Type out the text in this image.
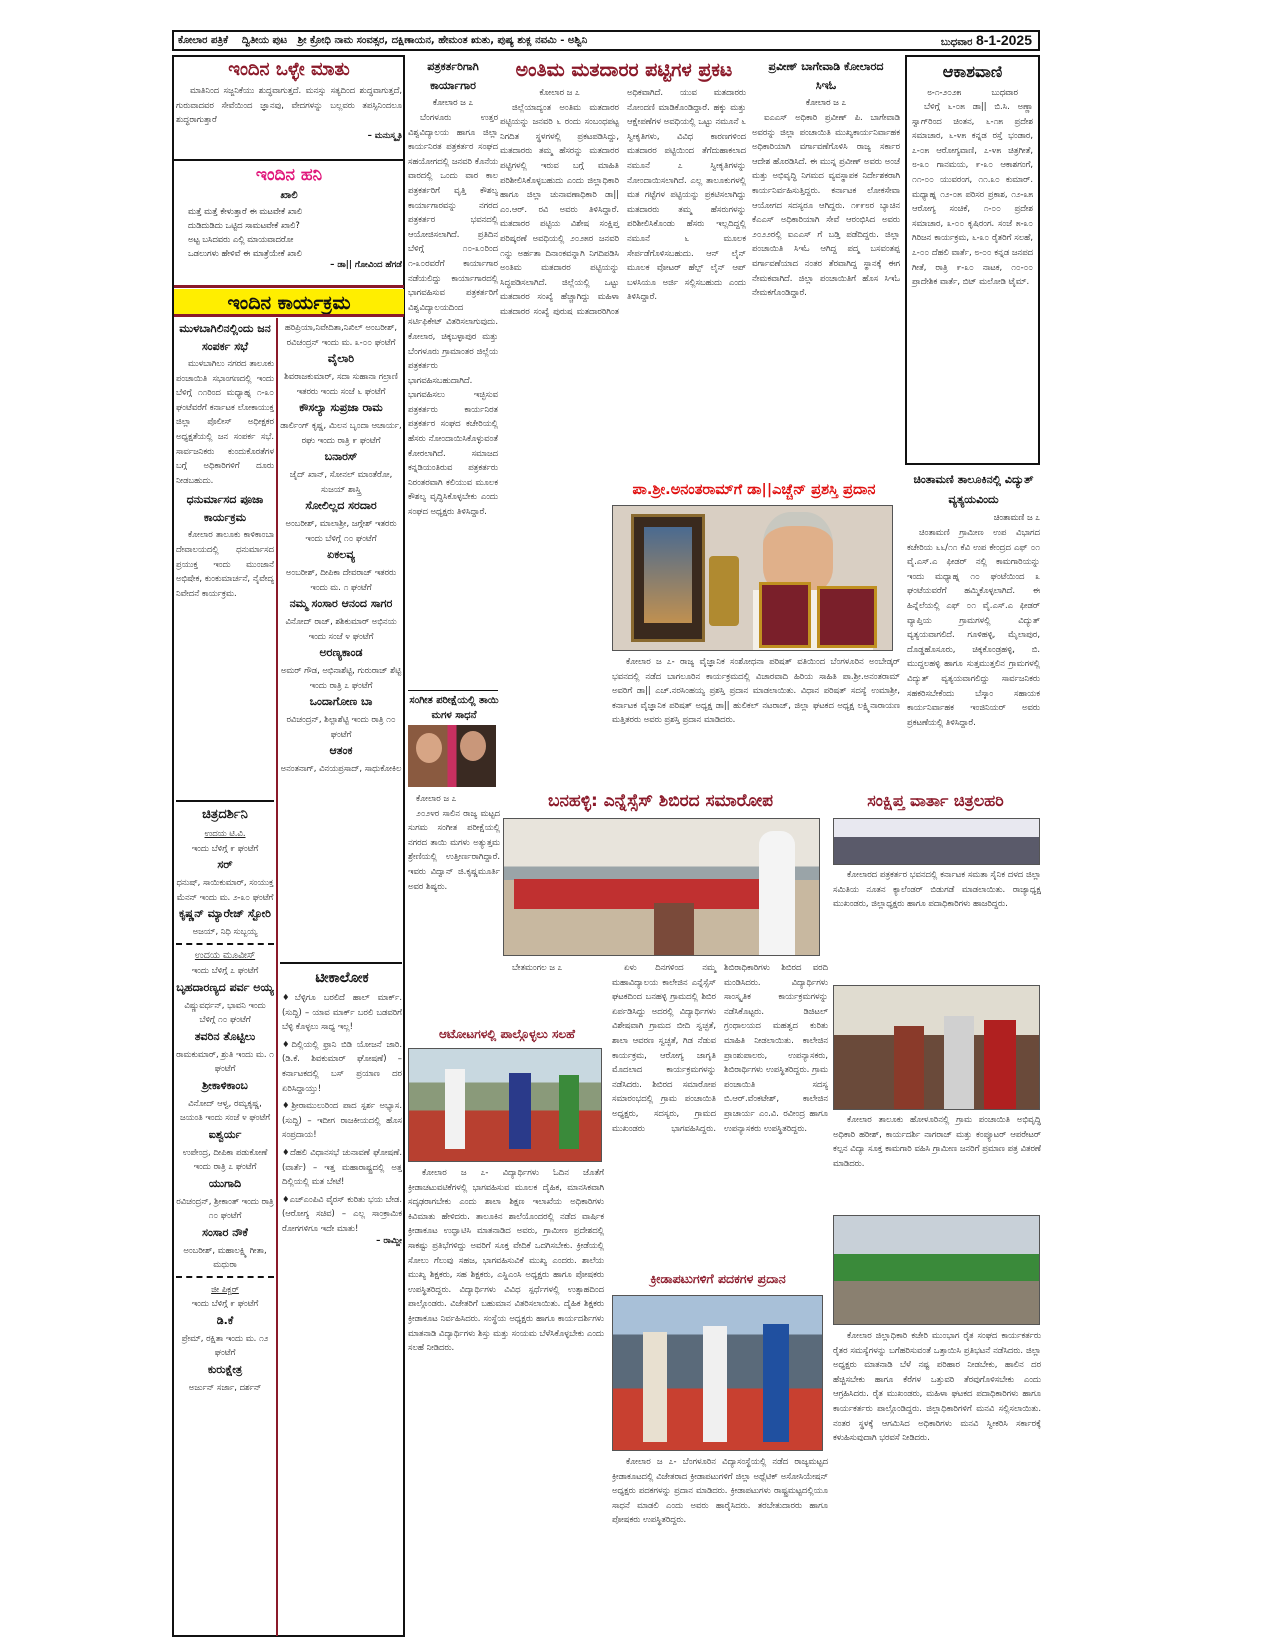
ಕೋಲಾರ ಪತ್ರಿಕೆ ದ್ವಿತೀಯ ಪುಟ ಶ್ರೀ ಕ್ರೋಧಿ ನಾಮ ಸಂವತ್ಸರ, ದಕ್ಷಿಣಾಯನ, ಹೇಮಂತ ಋತು, ಪುಷ್ಯ ಶುಕ್ಲ ನವಮಿ - ಅಶ್ವಿನಿ	ಬುಧವಾರ 8-1-2025
ಇಂದಿನ ಒಳ್ಳೇ ಮಾತು
ಮಾತಿನಿಂದ ಸಜ್ಜನಿಕೆಯು ಶುದ್ಧವಾಗುತ್ತದೆ. ಮನಸ್ಸು ಸತ್ಯದಿಂದ ಶುದ್ಧವಾಗುತ್ತದೆ, ಗುರುವಾದವರ ಸೇವೆಯಿಂದ ಜ್ಞಾನವು, ವೇದಗಳನ್ನು ಬಲ್ಲವರು ತಪಸ್ಸಿನಿಂದಲೂ ಶುದ್ಧರಾಗುತ್ತಾರೆ
– ಮನುಸ್ಮೃತಿ
ಇಂದಿನ ಹನಿ
ಖಾಲಿ
ಮತ್ತೆ ಮತ್ತೆ ಕೇಳುತ್ತಾರೆ ಈ ಮಟವೇಕೆ ಖಾಲಿ
ದುಡಿದುಡಿದು ಒಟ್ಟಿದ ಸಾಮಟವೇಕೆ ಖಾಲಿ?
ಅಟ್ಟ ಬಸಿದವರು ಎಲ್ಲಿ ಮಾಯವಾದರೋ
ಒಡಲುಗಳು ಹೇಳಿವೆ ಈ ಮಾತ್ರೆಯೇಕೆ ಖಾಲಿ
– ಡಾ|| ಗೋವಿಂದ ಹೆಗಡೆ
ಇಂದಿನ ಕಾರ್ಯಕ್ರಮ
ಮುಳಬಾಗಿಲಿನಲ್ಲಿಂದು ಜನ ಸಂಪರ್ಕ ಸಭೆ
ಮುಳಬಾಗಿಲು ನಗರದ ತಾಲೂಕು ಪಂಚಾಯಿತಿ ಸಭಾಂಗಣದಲ್ಲಿ ಇಂದು ಬೆಳಿಗ್ಗೆ ೧೧ರಿಂದ ಮಧ್ಯಾಹ್ನ ೧-೩೦ ಘಂಟೆವರೆಗೆ ಕರ್ನಾಟಕ ಲೋಕಾಯುಕ್ತ ಜಿಲ್ಲಾ ಪೊಲೀಸ್ ಅಧೀಕ್ಷಕರ ಅಧ್ಯಕ್ಷತೆಯಲ್ಲಿ ಜನ ಸಂಪರ್ಕ ಸಭೆ. ಸಾರ್ವಜನಿಕರು ಕುಂದುಕೊರತೆಗಳ ಬಗ್ಗೆ ಅಧಿಕಾರಿಗಳಿಗೆ ದೂರು ನೀಡಬಹುದು.
ಧನುರ್ಮಾಸದ ಪೂಜಾ ಕಾರ್ಯಕ್ರಮ
ಕೋಲಾರ ತಾಲೂಕು ಕಾಳಿಕಾಂಬಾ ದೇವಾಲಯದಲ್ಲಿ ಧನುರ್ಮಾಸದ ಪ್ರಯುಕ್ತ ಇಂದು ಮುಂಜಾನೆ ಅಭಿಷೇಕ, ಕುಂಕುಮಾರ್ಚನೆ, ನೈವೇದ್ಯ ನಿವೇದನೆ ಕಾರ್ಯಕ್ರಮ.
ಚಿತ್ರದರ್ಶಿನಿ
ಉದಯ ಟಿ.ವಿ.
ಇಂದು ಬೆಳಿಗ್ಗೆ ೯ ಘಂಟೆಗೆ
ಸರ್
ಧನುಷ್, ಸಾಯಿಕುಮಾರ್, ಸಂಯುಕ್ತ ಮೆನನ್ ಇಂದು ಮ. ೨-೩೦ ಘಂಟೆಗೆ
ಕೃಷ್ಣನ್ ಮ್ಯಾರೇಜ್ ಸ್ಟೋರಿ
ಅಜಯ್, ನಿಧಿ ಸುಬ್ಬಯ್ಯ
ಉದಯ ಮೂವೀಸ್
ಇಂದು ಬೆಳಿಗ್ಗೆ ೭ ಘಂಟೆಗೆ
ಬೃಹದಾರಣ್ಯದ ಪರ್ವ ಅಯ್ಯ
ವಿಷ್ಣುವರ್ಧನ್, ಭಾವನಿ ಇಂದು ಬೆಳಿಗ್ಗೆ ೧೦ ಘಂಟೆಗೆ
ತವರಿನ ತೊಟ್ಟಿಲು
ರಾಮಕುಮಾರ್, ಶ್ರುತಿ ಇಂದು ಮ. ೧ ಘಂಟೆಗೆ
ಶ್ರೀಕಾಳಿಕಾಂಬ
ವಿನೋದ್ ಆಳ್ವ, ರಮ್ಯಕೃಷ್ಣ, ಜಯಂತಿ ಇಂದು ಸಂಜೆ ೪ ಘಂಟೆಗೆ
ಐಶ್ವರ್ಯ
ಉಪೇಂದ್ರ, ದೀಪಿಕಾ ಪಡುಕೋಣೆ ಇಂದು ರಾತ್ರಿ ೭ ಘಂಟೆಗೆ
ಯುಗಾದಿ
ರವಿಚಂದ್ರನ್, ಶ್ರೀಕಾಂತ್ ಇಂದು ರಾತ್ರಿ ೧೦ ಘಂಟೆಗೆ
ಸಂಸಾರ ನೌಕೆ
ಅಂಬರೀಶ್, ಮಹಾಲಕ್ಷ್ಮಿ ಗೀತಾ, ಮಧುರಾ
ಜೀ ಪಿಕ್ಚರ್
ಇಂದು ಬೆಳಿಗ್ಗೆ ೯ ಘಂಟೆಗೆ
ಡಿ.ಕೆ
ಪ್ರೇಮ್, ರಕ್ಷಿತಾ ಇಂದು ಮ. ೧೨ ಘಂಟೆಗೆ
ಕುರುಕ್ಷೇತ್ರ
ಅರ್ಜುನ್ ಸರ್ಜಾ, ದರ್ಶನ್
ಹರಿಪ್ರಿಯಾ,ನಿವೇದಿತಾ,ನಿಖಿಲ್ ಅಂಬರೀಶ್, ರವಿಚಂದ್ರನ್ ಇಂದು ಮ. ೩-೦೦ ಘಂಟೆಗೆ
ವೈಲಾರಿ
ಶಿವರಾಜಕುಮಾರ್, ಸದಾ ಸುಹಾನಾ ಗಲ್ರಾಣಿ ಇತರರು ಇಂದು ಸಂಜೆ ೬ ಘಂಟೆಗೆ
ಕೌಸಲ್ಯಾ ಸುಪ್ರಜಾ ರಾಮ
ಡಾರ್ಲಿಂಗ್ ಕೃಷ್ಣ, ಮಿಲನ ಬೃಂದಾ ಆಚಾರ್ಯ, ರಘು ಇಂದು ರಾತ್ರಿ ೯ ಘಂಟೆಗೆ
ಬನಾರಸ್
ಜೈದ್ ಖಾನ್, ಸೋನಲ್ ಮಾಂತೆರೋ, ಸುಜಯ್ ಶಾಸ್ತ್ರಿ
ಸೋಲಿಲ್ಲದ ಸರದಾರ
ಅಂಬರೀಶ್, ಮಾಲಾಶ್ರೀ, ಜಗ್ಗೇಶ್ ಇತರರು ಇಂದು ಬೆಳಿಗ್ಗೆ ೧೦ ಘಂಟೆಗೆ
ಏಕಲವ್ಯ
ಅಂಬರೀಶ್, ದೀಪಿಕಾ ದೇವರಾಜ್ ಇತರರು ಇಂದು ಮ. ೧ ಘಂಟೆಗೆ
ನಮ್ಮ ಸಂಸಾರ ಆನಂದ ಸಾಗರ
ವಿನೋದ್ ರಾಜ್, ಶಶಿಕುಮಾರ್ ಅಭಿನಯ ಇಂದು ಸಂಜೆ ೪ ಘಂಟೆಗೆ
ಅರಣ್ಯಕಾಂಡ
ಅಮರ್ ಗೌಡ, ಅಭಿನಾಶೆಟ್ಟಿ, ಗುರುರಾಜ್ ಶೆಟ್ಟಿ ಇಂದು ರಾತ್ರಿ ೭ ಘಂಟೆಗೆ
ಒಂದಾಗೋಣ ಬಾ
ರವಿಚಂದ್ರನ್, ಶಿಲ್ಪಾಶೆಟ್ಟಿ ಇಂದು ರಾತ್ರಿ ೧೦ ಘಂಟೆಗೆ
ಆತಂಕ
ಅನಂತನಾಗ್, ವಿನಯಪ್ರಸಾದ್, ಸಾಧುಕೋಕಿಲ
ಟೀಕಾಲೋಕ
♦ಬೆಳ್ಳಿಗೂ ಬರಲಿದೆ ಹಾಲ್ ಮಾರ್ಕ್. (ಸುದ್ದಿ) – ಯಾವ ಮಾರ್ಕ್ ಬರಲಿ ಬಡವರಿಗೆ ಬೆಳ್ಳಿ ಕೊಳ್ಳಲು ಸಾಧ್ಯ ಇಲ್ಲ!
♦ದಿಲ್ಲಿಯಲ್ಲಿ ಫ್ರಾನಿ ಬಿಡಿ ಯೋಜನೆ ಜಾರಿ. (ಡಿ.ಕೆ. ಶಿವಕುಮಾರ್ ಘೋಷಣೆ) – ಕರ್ನಾಟಕದಲ್ಲಿ ಬಸ್ ಪ್ರಯಾಣ ದರ ಏರಿಸಿದ್ದಾಯ್ತು!
♦ಶ್ರೀರಾಮುಲುರಿಂದ ಪಾದ ಸ್ಪರ್ಶ ಅಭ್ಯಾಸ. (ಸುದ್ದಿ) – ಇದೀಗ ರಾಜಕೀಯದಲ್ಲಿ ಹೊಸ ಸಂಪ್ರದಾಯ!
♦ದೆಹಲಿ ವಿಧಾನಸಭೆ ಚುನಾವಣೆ ಘೋಷಣೆ. (ವಾರ್ತೆ) – ಇತ್ತ ಮಹಾರಾಷ್ಟ್ರದಲ್ಲಿ ಅತ್ತ ದಿಲ್ಲಿಯಲ್ಲಿ ಮತ ಬೇಟೆ!
♦ಎಚ್ಎಂಪಿವಿ ವೈರಸ್ ಕುರಿತು ಭಯ ಬೇಡ. (ಆರೋಗ್ಯ ಸಚಿವ) – ಎಲ್ಲ ಸಾಂಕ್ರಾಮಿಕ ರೋಗಗಳಿಗೂ ಇದೇ ಮಾತು!
– ರಾಮ್ಜೀ
ಪತ್ರಕರ್ತರಿಗಾಗಿ ಕಾರ್ಯಾಗಾರ
ಕೋಲಾರ ಜ ೭
ಬೆಂಗಳೂರು ಉತ್ತರ ವಿಶ್ವವಿದ್ಯಾಲಯ ಹಾಗೂ ಜಿಲ್ಲಾ ಕಾರ್ಯನಿರತ ಪತ್ರಕರ್ತರ ಸಂಘದ ಸಹಯೋಗದಲ್ಲಿ ಜನವರಿ ಕೊನೆಯ ವಾರದಲ್ಲಿ ಒಂದು ವಾರ ಕಾಲ ಪತ್ರಕರ್ತರಿಗೆ ವೃತ್ತಿ ಕೌಶಲ್ಯ ಕಾರ್ಯಾಗಾರವನ್ನು ನಗರದ ಪತ್ರಕರ್ತರ ಭವನದಲ್ಲಿ ಆಯೋಜಿಸಲಾಗಿದೆ. ಪ್ರತಿದಿನ ಬೆಳಿಗ್ಗೆ ೧೦-೩೦ರಿಂದ ೧-೩೦ರವರೆಗೆ ಕಾರ್ಯಾಗಾರ ನಡೆಯಲಿದ್ದು ಕಾರ್ಯಾಗಾರದಲ್ಲಿ ಭಾಗವಹಿಸುವ ಪತ್ರಕರ್ತರಿಗೆ ವಿಶ್ವವಿದ್ಯಾಲಯದಿಂದ ಸರ್ಟಿಫಿಕೇಟ್ ವಿತರಿಸಲಾಗುವುದು. ಕೋಲಾರ, ಚಿಕ್ಕಬಳ್ಳಾಪುರ ಮತ್ತು ಬೆಂಗಳೂರು ಗ್ರಾಮಾಂತರ ಜಿಲ್ಲೆಯ ಪತ್ರಕರ್ತರು ಭಾಗವಹಿಸಬಹುದಾಗಿದೆ. ಭಾಗವಹಿಸಲು ಇಚ್ಛಿಸುವ ಪತ್ರಕರ್ತರು ಕಾರ್ಯನಿರತ ಪತ್ರಕರ್ತರ ಸಂಘದ ಕಚೇರಿಯಲ್ಲಿ ಹೆಸರು ನೋಂದಾಯಿಸಿಕೊಳ್ಳುವಂತೆ ಕೋರಲಾಗಿದೆ. ಸಮಾಜದ ಕನ್ನಡಿಯಂತಿರುವ ಪತ್ರಕರ್ತರು ನಿರಂತರವಾಗಿ ಕಲಿಯುವ ಮೂಲಕ ಕೌಶಲ್ಯ ವೃದ್ಧಿಸಿಕೊಳ್ಳಬೇಕು ಎಂದು ಸಂಘದ ಅಧ್ಯಕ್ಷರು ತಿಳಿಸಿದ್ದಾರೆ.
ಸಂಗೀತ ಪರೀಕ್ಷೆಯಲ್ಲಿ ತಾಯಿ ಮಗಳ ಸಾಧನೆ
ಕೋಲಾರ ಜ ೭
೨೦೨೪ರ ಸಾಲಿನ ರಾಜ್ಯ ಮಟ್ಟದ ಸುಗಮ ಸಂಗೀತ ಪರೀಕ್ಷೆಯಲ್ಲಿ ನಗರದ ತಾಯಿ ಮಗಳು ಅತ್ಯುತ್ತಮ ಶ್ರೇಣಿಯಲ್ಲಿ ಉತ್ತೀರ್ಣರಾಗಿದ್ದಾರೆ. ಇವರು ವಿದ್ವಾನ್ ಜಿ.ಕೃಷ್ಣಮೂರ್ತಿ ಅವರ ಶಿಷ್ಯರು.
ಅಂತಿಮ ಮತದಾರರ ಪಟ್ಟಿಗಳ ಪ್ರಕಟ
ಕೋಲಾರ ಜ ೭

ಜಿಲ್ಲೆಯಾದ್ಯಂತ ಅಂತಿಮ ಮತದಾರರ ಪಟ್ಟಿಯನ್ನು ಜನವರಿ ೬ ರಂದು ಸಂಬಂಧಪಟ್ಟ ನಿಗದಿತ ಸ್ಥಳಗಳಲ್ಲಿ ಪ್ರಕಟಪಡಿಸಿದ್ದು, ಮತದಾರರು ತಮ್ಮ ಹೆಸರನ್ನು ಮತದಾರರ ಪಟ್ಟಿಗಳಲ್ಲಿ ಇರುವ ಬಗ್ಗೆ ಮಾಹಿತಿ ಪರಿಶೀಲಿಸಿಕೊಳ್ಳಬಹುದು ಎಂದು ಜಿಲ್ಲಾಧಿಕಾರಿ ಹಾಗೂ ಜಿಲ್ಲಾ ಚುನಾವಣಾಧಿಕಾರಿ ಡಾ|| ಎಂ.ಆರ್. ರವಿ ಅವರು ತಿಳಿಸಿದ್ದಾರೆ. ಮತದಾರರ ಪಟ್ಟಿಯ ವಿಶೇಷ ಸಂಕ್ಷಿಪ್ತ ಪರಿಷ್ಕರಣೆ ಅವಧಿಯಲ್ಲಿ ೨೦೨೫ರ ಜನವರಿ ೧ನ್ನು ಅರ್ಹತಾ ದಿನಾಂಕವನ್ನಾಗಿ ನಿಗದಿಪಡಿಸಿ ಅಂತಿಮ ಮತದಾರರ ಪಟ್ಟಿಯನ್ನು ಸಿದ್ಧಪಡಿಸಲಾಗಿದೆ. ಜಿಲ್ಲೆಯಲ್ಲಿ ಒಟ್ಟು ಮತದಾರರ ಸಂಖ್ಯೆ ಹೆಚ್ಚಾಗಿದ್ದು ಮಹಿಳಾ ಮತದಾರರ ಸಂಖ್ಯೆ ಪುರುಷ ಮತದಾರರಿಗಿಂತ ಅಧಿಕವಾಗಿದೆ. ಯುವ ಮತದಾರರು ನೋಂದಣಿ ಮಾಡಿಕೊಂಡಿದ್ದಾರೆ. ಹಕ್ಕು ಮತ್ತು ಆಕ್ಷೇಪಣೆಗಳ ಅವಧಿಯಲ್ಲಿ ಒಟ್ಟು ನಮೂನೆ ೬ ಸ್ವೀಕೃತಿಗಳು, ವಿವಿಧ ಕಾರಣಗಳಿಂದ ಮತದಾರರ ಪಟ್ಟಿಯಿಂದ ತೆಗೆದುಹಾಕಲಾದ ನಮೂನೆ ೭ ಸ್ವೀಕೃತಿಗಳನ್ನು ನೋಂದಾಯಿಸಲಾಗಿದೆ. ಎಲ್ಲ ತಾಲೂಕುಗಳಲ್ಲಿ ಮತ ಗಟ್ಟೆಗಳ ಪಟ್ಟಿಯನ್ನು ಪ್ರಕಟಿಸಲಾಗಿದ್ದು ಮತದಾರರು ತಮ್ಮ ಹೆಸರುಗಳನ್ನು ಪರಿಶೀಲಿಸಿಕೊಂಡು ಹೆಸರು ಇಲ್ಲದಿದ್ದಲ್ಲಿ ನಮೂನೆ ೬ ಮೂಲಕ ಸೇರ್ಪಡೆಗೊಳಿಸಬಹುದು. ಆನ್ ಲೈನ್ ಮೂಲಕ ವೋಟರ್ ಹೆಲ್ಪ್ ಲೈನ್ ಆಪ್ ಬಳಸಿಯೂ ಅರ್ಜಿ ಸಲ್ಲಿಸಬಹುದು ಎಂದು ತಿಳಿಸಿದ್ದಾರೆ.

ಪ್ರವೀಣ್ ಬಾಗೇವಾಡಿ ಕೋಲಾರದ ಸಿಇಓ
ಕೋಲಾರ ಜ ೭
ಐಎಎಸ್ ಅಧಿಕಾರಿ ಪ್ರವೀಣ್ ಪಿ. ಬಾಗೇವಾಡಿ ಅವರನ್ನು ಜಿಲ್ಲಾ ಪಂಚಾಯಿತಿ ಮುಖ್ಯಕಾರ್ಯನಿರ್ವಾಹಕ ಅಧಿಕಾರಿಯಾಗಿ ವರ್ಗಾವಣೆಗೊಳಿಸಿ ರಾಜ್ಯ ಸರ್ಕಾರ ಆದೇಶ ಹೊರಡಿಸಿದೆ. ಈ ಮುನ್ನ ಪ್ರವೀಣ್ ಅವರು ಅಂಚೆ ಮತ್ತು ಅಭಿವೃದ್ಧಿ ನಿಗಮದ ವ್ಯವಸ್ಥಾಪಕ ನಿರ್ದೇಶಕರಾಗಿ ಕಾರ್ಯನಿರ್ವಹಿಸುತ್ತಿದ್ದರು. ಕರ್ನಾಟಕ ಲೋಕಸೇವಾ ಆಯೋಗದ ಸದಸ್ಯರೂ ಆಗಿದ್ದರು. ೧೯೯೮ರ ಬ್ಯಾಚಿನ ಕೆಎಎಸ್ ಅಧಿಕಾರಿಯಾಗಿ ಸೇವೆ ಆರಂಭಿಸಿದ ಅವರು ೨೦೨೨ರಲ್ಲಿ ಐಎಎಸ್ ಗೆ ಬಡ್ತಿ ಪಡೆದಿದ್ದರು. ಜಿಲ್ಲಾ ಪಂಚಾಯಿತಿ ಸಿಇಓ ಆಗಿದ್ದ ಪದ್ಮ ಬಸವಂತಪ್ಪ ವರ್ಗಾವಣೆಯಾದ ನಂತರ ತೆರವಾಗಿದ್ದ ಸ್ಥಾನಕ್ಕೆ ಈಗ ನೇಮಕವಾಗಿದೆ. ಜಿಲ್ಲಾ ಪಂಚಾಯಿತಿಗೆ ಹೊಸ ಸಿಇಓ ನೇಮಕಗೊಂಡಿದ್ದಾರೆ.
ಆಕಾಶವಾಣಿ
೮-೧-೨೦೨೫	ಬುಧವಾರ
ಬೆಳಿಗ್ಗೆ ೬-೦೫ ಡಾ|| ಬಿ.ಸಿ. ಅಣ್ಣಾ ಸ್ವಾಗ್‌ರಿಂದ ಚಿಂತನ, ೬-೧೫ ಪ್ರದೇಶ ಸಮಾಚಾರ, ೬-೪೫ ಕನ್ನಡ ರಸ್ತೆ ಭಂಡಾರ, ೭-೦೫ ಆರೋಗ್ಯವಾಣಿ, ೭-೪೫ ಚಿತ್ರಗೀತೆ, ೮-೩೦ ಗಾನಮಯ, ೯-೩೦ ಆಕಾಶಗಂಗೆ, ೧೧-೦೦ ಯುವರಂಗ, ೧೧.೩೦ ಕುಮಾರ್. ಮಧ್ಯಾಹ್ನ ೧೨-೦೫ ಪರಿಸರ ಪ್ರಕಾಶ, ೧೨-೩೫ ಆರೋಗ್ಯ ಸಂಚಿಕೆ, ೧-೦೦ ಪ್ರದೇಶ ಸಮಾಚಾರ, ೩-೦೦ ಕೃಷಿರಂಗ. ಸಂಜೆ ೫-೩೦ ಗಿರಿಜನ ಕಾರ್ಯಕ್ರಮ, ೬-೩೦ ರೈತರಿಗೆ ಸಲಹೆ, ೭-೦೦ ದೆಹಲಿ ವಾರ್ತೆ, ೮-೦೦ ಕನ್ನಡ ಜನಪದ ಗೀತೆ, ರಾತ್ರಿ ೯-೩೦ ನಾಟಕ, ೧೦-೦೦ ಪ್ರಾದೇಶಿಕ ವಾರ್ತೆ, ಬಿಟ್ ಮಲೋಡಿ ಟೈಮ್.
ಚಿಂತಾಮಣಿ ತಾಲೂಕಿನಲ್ಲಿ ವಿದ್ಯುತ್ ವ್ಯತ್ಯಯವಿಂದು
ಚಿಂತಾಮಣಿ ಜ ೭
ಚಿಂತಾಮಣಿ ಗ್ರಾಮೀಣ ಉಪ ವಿಭಾಗದ ಕಚೇರಿಯ ೬೬/೧೧ ಕೆವಿ ಉಪ ಕೇಂದ್ರದ ಎಫ್ ೦೧ ವೈ.ಎಸ್.ಎ ಫೀಡರ್ ನಲ್ಲಿ ಕಾಮಗಾರಿಯನ್ನು ಇಂದು ಮಧ್ಯಾಹ್ನ ೧೦ ಘಂಟೆಯಿಂದ ೩ ಘಂಟೆಯವರೆಗೆ ಹಮ್ಮಿಕೊಳ್ಳಲಾಗಿದೆ. ಈ ಹಿನ್ನೆಲೆಯಲ್ಲಿ ಎಫ್ ೦೧ ವೈ.ಎಸ್.ಎ ಫೀಡರ್ ವ್ಯಾಪ್ತಿಯ ಗ್ರಾಮಗಳಲ್ಲಿ ವಿದ್ಯುತ್ ವ್ಯತ್ಯಯವಾಗಲಿದೆ. ಗೂಳಿಹಳ್ಳಿ, ಮೈಲಾಪುರ, ದೊಡ್ಡಹೊಸೂರು, ಚಿಕ್ಕಕೊಂಡ್ರಹಳ್ಳಿ, ಬಿ. ಮುದ್ದಲಹಳ್ಳಿ ಹಾಗೂ ಸುತ್ತಮುತ್ತಲಿನ ಗ್ರಾಮಗಳಲ್ಲಿ ವಿದ್ಯುತ್ ವ್ಯತ್ಯಯವಾಗಲಿದ್ದು ಸಾರ್ವಜನಿಕರು ಸಹಕರಿಸಬೇಕೆಂದು ಬೆಸ್ಕಾಂ ಸಹಾಯಕ ಕಾರ್ಯನಿರ್ವಾಹಕ ಇಂಜಿನಿಯರ್ ಅವರು ಪ್ರಕಟಣೆಯಲ್ಲಿ ತಿಳಿಸಿದ್ದಾರೆ.
ಪಾ.ಶ್ರೀ.ಅನಂತರಾಮ್‌ಗೆ ಡಾ||ಎಚ್ಚೆನ್ ಪ್ರಶಸ್ತಿ ಪ್ರದಾನ
ಕೋಲಾರ ಜ ೭- ರಾಜ್ಯ ವೈಜ್ಞಾನಿಕ ಸಂಶೋಧನಾ ಪರಿಷತ್ ವತಿಯಿಂದ ಬೆಂಗಳೂರಿನ ಅಂಬೇಡ್ಕರ್ ಭವನದಲ್ಲಿ ನಡೆದ ಬಾಗಲೂರಿನ ಕಾರ್ಯಕ್ರಮದಲ್ಲಿ ವಿಚಾರವಾದಿ ಹಿರಿಯ ಸಾಹಿತಿ ಪಾ.ಶ್ರೀ.ಅನಂತರಾಮ್ ಅವರಿಗೆ ಡಾ|| ಎಚ್.ನರಸಿಂಹಯ್ಯ ಪ್ರಶಸ್ತಿ ಪ್ರದಾನ ಮಾಡಲಾಯಿತು. ವಿಧಾನ ಪರಿಷತ್ ಸದಸ್ಯೆ ಉಮಾಶ್ರೀ, ಕರ್ನಾಟಕ ವೈಜ್ಞಾನಿಕ ಪರಿಷತ್ ಅಧ್ಯಕ್ಷ ಡಾ|| ಹುಲಿಕಲ್ ನಟರಾಜ್, ಜಿಲ್ಲಾ ಘಟಕದ ಅಧ್ಯಕ್ಷ ಲಕ್ಷ್ಮಿನಾರಾಯಣ ಮತ್ತಿತರರು ಅವರು ಪ್ರಶಸ್ತಿ ಪ್ರದಾನ ಮಾಡಿದರು.
ಬನಹಳ್ಳಿ: ಎನ್ನೆಸ್ಸೆಸ್ ಶಿಬಿರದ ಸಮಾರೋಪ
ಬೇತಮಂಗಲ ಜ ೭	ಏಳು ದಿನಗಳಿಂದ ನಮ್ಮ ಮಹಾವಿದ್ಯಾಲಯ ಕಾಲೇಜಿನ ಎನ್ನೆಸ್ಸೆಸ್ ಘಟಕದಿಂದ ಬನಹಳ್ಳಿ ಗ್ರಾಮದಲ್ಲಿ ಶಿಬಿರ ಏರ್ಪಡಿಸಿದ್ದು ಅದರಲ್ಲಿ ವಿದ್ಯಾರ್ಥಿಗಳು ವಿಶೇಷವಾಗಿ ಗ್ರಾಮದ ಬೀದಿ ಸ್ವಚ್ಛತೆ, ಶಾಲಾ ಆವರಣ ಸ್ವಚ್ಛತೆ, ಗಿಡ ನೆಡುವ ಕಾರ್ಯಕ್ರಮ, ಆರೋಗ್ಯ ಜಾಗೃತಿ ಮೊದಲಾದ ಕಾರ್ಯಕ್ರಮಗಳನ್ನು ನಡೆಸಿದರು. ಶಿಬಿರದ ಸಮಾರೋಪ ಸಮಾರಂಭದಲ್ಲಿ ಗ್ರಾಮ ಪಂಚಾಯಿತಿ ಅಧ್ಯಕ್ಷರು, ಸದಸ್ಯರು, ಗ್ರಾಮದ ಮುಖಂಡರು ಭಾಗವಹಿಸಿದ್ದರು. ಶಿಬಿರಾಧಿಕಾರಿಗಳು ಶಿಬಿರದ ವರದಿ ಮಂಡಿಸಿದರು. ವಿದ್ಯಾರ್ಥಿಗಳು ಸಾಂಸ್ಕೃತಿಕ ಕಾರ್ಯಕ್ರಮಗಳನ್ನು ನಡೆಸಿಕೊಟ್ಟರು. ಡಿಜಿಟಲ್ ಗ್ರಂಥಾಲಯದ ಮಹತ್ವದ ಕುರಿತು ಮಾಹಿತಿ ನೀಡಲಾಯಿತು. ಕಾಲೇಜಿನ ಪ್ರಾಂಶುಪಾಲರು, ಉಪನ್ಯಾಸಕರು, ಶಿಬಿರಾರ್ಥಿಗಳು ಉಪಸ್ಥಿತರಿದ್ದರು. ಗ್ರಾಮ ಪಂಚಾಯಿತಿ ಸದಸ್ಯ ಬಿ.ಆರ್.ವೆಂಕಟೇಶ್, ಕಾಲೇಜಿನ ಪ್ರಾಚಾರ್ಯ ಎಂ.ವಿ. ರವೀಂದ್ರ ಹಾಗೂ ಉಪನ್ಯಾಸಕರು ಉಪಸ್ಥಿತರಿದ್ದರು.

ಆಟೋಟಗಳಲ್ಲಿ ಪಾಲ್ಗೊಳ್ಳಲು ಸಲಹೆ
ಕೋಲಾರ ಜ ೭- ವಿದ್ಯಾರ್ಥಿಗಳು ಓದಿನ ಜೊತೆಗೆ ಕ್ರೀಡಾಚಟುವಟಿಕೆಗಳಲ್ಲಿ ಭಾಗವಹಿಸುವ ಮೂಲಕ ದೈಹಿಕ, ಮಾನಸಿಕವಾಗಿ ಸದೃಢರಾಗಬೇಕು ಎಂದು ಶಾಲಾ ಶಿಕ್ಷಣ ಇಲಾಖೆಯ ಅಧಿಕಾರಿಗಳು ಕಿವಿಮಾತು ಹೇಳಿದರು. ತಾಲೂಕಿನ ಶಾಲೆಯೊಂದರಲ್ಲಿ ನಡೆದ ವಾರ್ಷಿಕ ಕ್ರೀಡಾಕೂಟ ಉದ್ಘಾಟಿಸಿ ಮಾತನಾಡಿದ ಅವರು, ಗ್ರಾಮೀಣ ಪ್ರದೇಶದಲ್ಲಿ ಸಾಕಷ್ಟು ಪ್ರತಿಭೆಗಳಿದ್ದು ಅವರಿಗೆ ಸೂಕ್ತ ವೇದಿಕೆ ಒದಗಿಸಬೇಕು. ಕ್ರೀಡೆಯಲ್ಲಿ ಸೋಲು ಗೆಲುವು ಸಹಜ, ಭಾಗವಹಿಸುವಿಕೆ ಮುಖ್ಯ ಎಂದರು. ಶಾಲೆಯ ಮುಖ್ಯ ಶಿಕ್ಷಕರು, ಸಹ ಶಿಕ್ಷಕರು, ಎಸ್ಡಿಎಂಸಿ ಅಧ್ಯಕ್ಷರು ಹಾಗೂ ಪೋಷಕರು ಉಪಸ್ಥಿತರಿದ್ದರು. ವಿದ್ಯಾರ್ಥಿಗಳು ವಿವಿಧ ಸ್ಪರ್ಧೆಗಳಲ್ಲಿ ಉತ್ಸಾಹದಿಂದ ಪಾಲ್ಗೊಂಡರು. ವಿಜೇತರಿಗೆ ಬಹುಮಾನ ವಿತರಿಸಲಾಯಿತು. ದೈಹಿಕ ಶಿಕ್ಷಕರು ಕ್ರೀಡಾಕೂಟ ನಿರ್ವಹಿಸಿದರು. ಸಂಸ್ಥೆಯ ಅಧ್ಯಕ್ಷರು ಹಾಗೂ ಕಾರ್ಯದರ್ಶಿಗಳು ಮಾತನಾಡಿ ವಿದ್ಯಾರ್ಥಿಗಳು ಶಿಸ್ತು ಮತ್ತು ಸಂಯಮ ಬೆಳೆಸಿಕೊಳ್ಳಬೇಕು ಎಂದು ಸಲಹೆ ನೀಡಿದರು.
ಕ್ರೀಡಾಪಟುಗಳಿಗೆ ಪದಕಗಳ ಪ್ರದಾನ
ಕೋಲಾರ ಜ ೭- ಬೆಂಗಳೂರಿನ ವಿದ್ಯಾಸಂಸ್ಥೆಯಲ್ಲಿ ನಡೆದ ರಾಜ್ಯಮಟ್ಟದ ಕ್ರೀಡಾಕೂಟದಲ್ಲಿ ವಿಜೇತರಾದ ಕ್ರೀಡಾಪಟುಗಳಿಗೆ ಜಿಲ್ಲಾ ಅಥ್ಲೆಟಿಕ್ ಅಸೋಸಿಯೇಷನ್ ಅಧ್ಯಕ್ಷರು ಪದಕಗಳನ್ನು ಪ್ರದಾನ ಮಾಡಿದರು. ಕ್ರೀಡಾಪಟುಗಳು ರಾಷ್ಟ್ರಮಟ್ಟದಲ್ಲಿಯೂ ಸಾಧನೆ ಮಾಡಲಿ ಎಂದು ಅವರು ಹಾರೈಸಿದರು. ತರಬೇತುದಾರರು ಹಾಗೂ ಪೋಷಕರು ಉಪಸ್ಥಿತರಿದ್ದರು.
ಸಂಕ್ಷಿಪ್ತ ವಾರ್ತಾ ಚಿತ್ರಲಹರಿ
ಕೋಲಾರದ ಪತ್ರಕರ್ತರ ಭವನದಲ್ಲಿ ಕರ್ನಾಟಕ ಸಮತಾ ಸೈನಿಕ ದಳದ ಜಿಲ್ಲಾ ಸಮಿತಿಯ ನೂತನ ಕ್ಯಾಲೆಂಡರ್ ಬಿಡುಗಡೆ ಮಾಡಲಾಯಿತು. ರಾಜ್ಯಾಧ್ಯಕ್ಷ ಮುಖಂಡರು, ಜಿಲ್ಲಾಧ್ಯಕ್ಷರು ಹಾಗೂ ಪದಾಧಿಕಾರಿಗಳು ಹಾಜರಿದ್ದರು.
ಕೋಲಾರ ತಾಲೂಕು ಹೋಳೂರಿನಲ್ಲಿ ಗ್ರಾಮ ಪಂಚಾಯಿತಿ ಅಭಿವೃದ್ಧಿ ಅಧಿಕಾರಿ ಹರೀಶ್, ಕಾರ್ಯದರ್ಶಿ ನಾಗರಾಜ್ ಮತ್ತು ಕಂಪ್ಯೂಟರ್ ಆಪರೇಟರ್ ಕಲ್ಪನ ವಿದ್ಯಾ ಸೂಕ್ತ ಕಾಮಗಾರಿ ವಹಿಸಿ ಗ್ರಾಮೀಣ ಜನರಿಗೆ ಪ್ರಮಾಣ ಪತ್ರ ವಿತರಣೆ ಮಾಡಿದರು.
ಕೋಲಾರ ಜಿಲ್ಲಾಧಿಕಾರಿ ಕಚೇರಿ ಮುಂಭಾಗ ರೈತ ಸಂಘದ ಕಾರ್ಯಕರ್ತರು ರೈತರ ಸಮಸ್ಯೆಗಳನ್ನು ಬಗೆಹರಿಸುವಂತೆ ಒತ್ತಾಯಿಸಿ ಪ್ರತಿಭಟನೆ ನಡೆಸಿದರು. ಜಿಲ್ಲಾ ಅಧ್ಯಕ್ಷರು ಮಾತನಾಡಿ ಬೆಳೆ ನಷ್ಟ ಪರಿಹಾರ ನೀಡಬೇಕು, ಹಾಲಿನ ದರ ಹೆಚ್ಚಿಸಬೇಕು ಹಾಗೂ ಕೆರೆಗಳ ಒತ್ತುವರಿ ತೆರವುಗೊಳಿಸಬೇಕು ಎಂದು ಆಗ್ರಹಿಸಿದರು. ರೈತ ಮುಖಂಡರು, ಮಹಿಳಾ ಘಟಕದ ಪದಾಧಿಕಾರಿಗಳು ಹಾಗೂ ಕಾರ್ಯಕರ್ತರು ಪಾಲ್ಗೊಂಡಿದ್ದರು. ಜಿಲ್ಲಾಧಿಕಾರಿಗಳಿಗೆ ಮನವಿ ಸಲ್ಲಿಸಲಾಯಿತು. ನಂತರ ಸ್ಥಳಕ್ಕೆ ಆಗಮಿಸಿದ ಅಧಿಕಾರಿಗಳು ಮನವಿ ಸ್ವೀಕರಿಸಿ ಸರ್ಕಾರಕ್ಕೆ ಕಳುಹಿಸುವುದಾಗಿ ಭರವಸೆ ನೀಡಿದರು.
